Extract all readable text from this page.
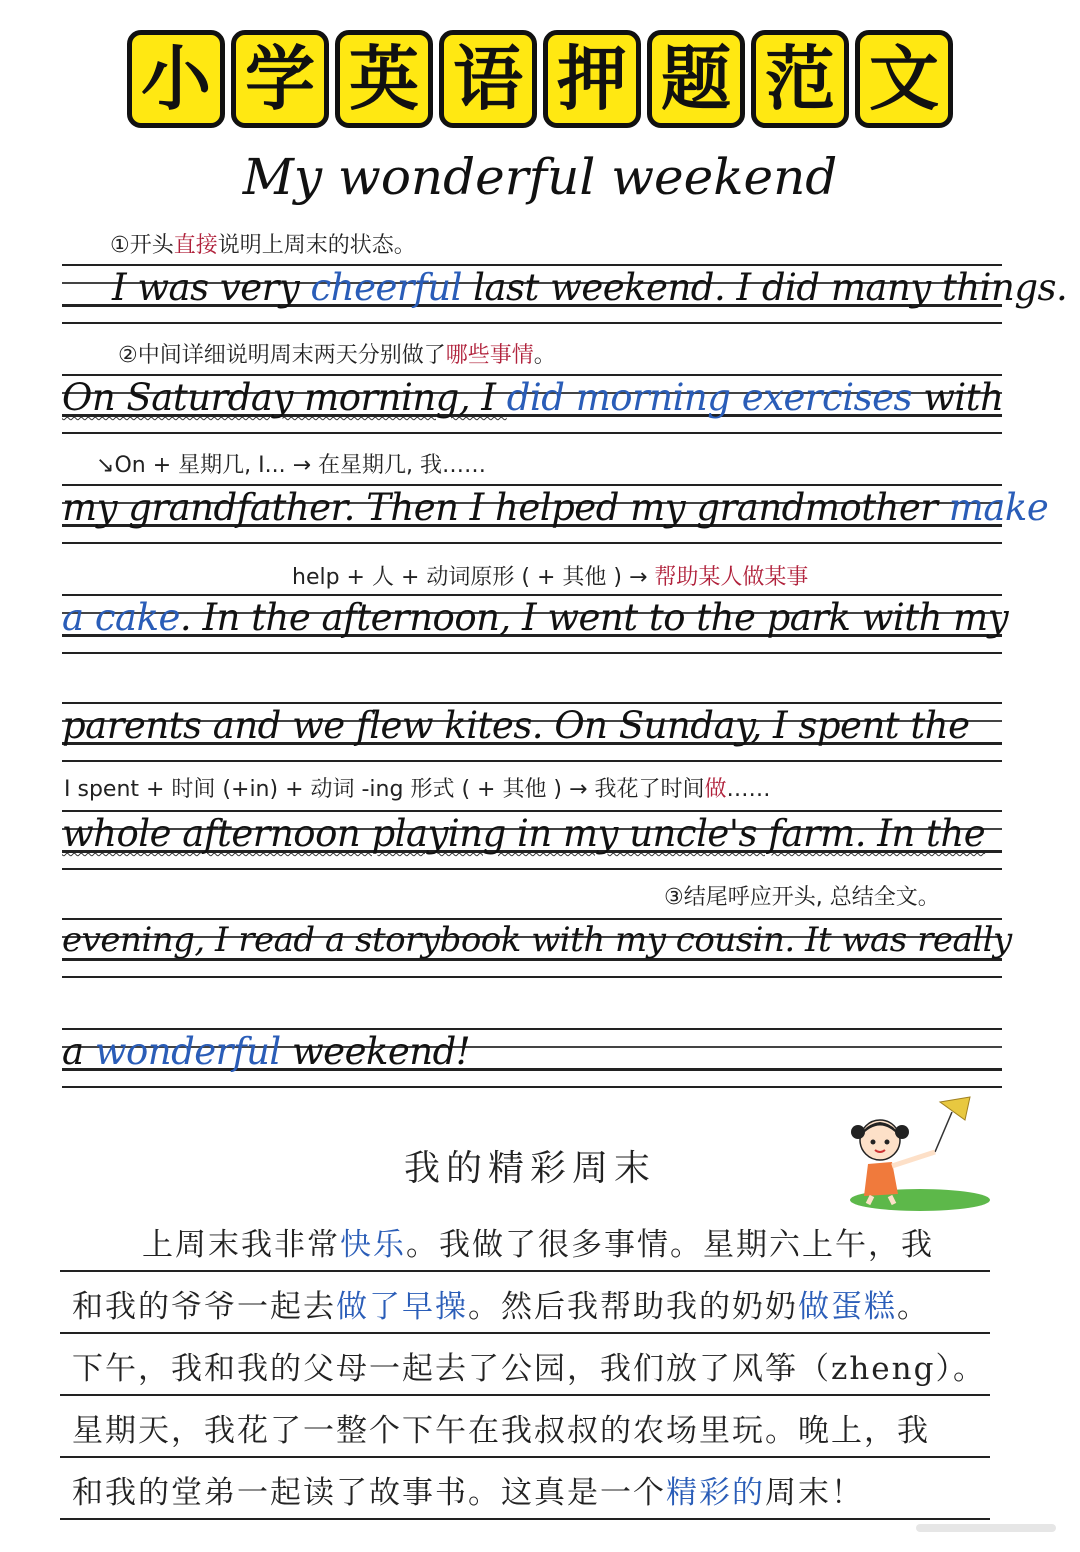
小 学 英 语 押 题 范 文
My wonderful weekend
①开头直接说明上周末的状态。
I was very cheerful last weekend. I did many things.
②中间详细说明周末两天分别做了哪些事情。
On Saturday morning, I did morning exercises with
↘On + 星期几, I... → 在星期几, 我……
my grandfather. Then I helped my grandmother make
help + 人 + 动词原形 ( + 其他 ) → 帮助某人做某事
a cake. In the afternoon, I went to the park with my
parents and we flew kites. On Sunday, I spent the
I spent + 时间 (+in) + 动词 -ing 形式 ( + 其他 ) → 我花了时间做……
whole afternoon playing in my uncle's farm. In the
③结尾呼应开头, 总结全文。
evening, I read a storybook with my cousin. It was really
a wonderful weekend!
我的精彩周末
上周末我非常快乐。我做了很多事情。星期六上午，我
和我的爷爷一起去做了早操。然后我帮助我的奶奶做蛋糕。
下午，我和我的父母一起去了公园，我们放了风筝（zheng）。
星期天，我花了一整个下午在我叔叔的农场里玩。晚上，我
和我的堂弟一起读了故事书。这真是一个精彩的周末！
